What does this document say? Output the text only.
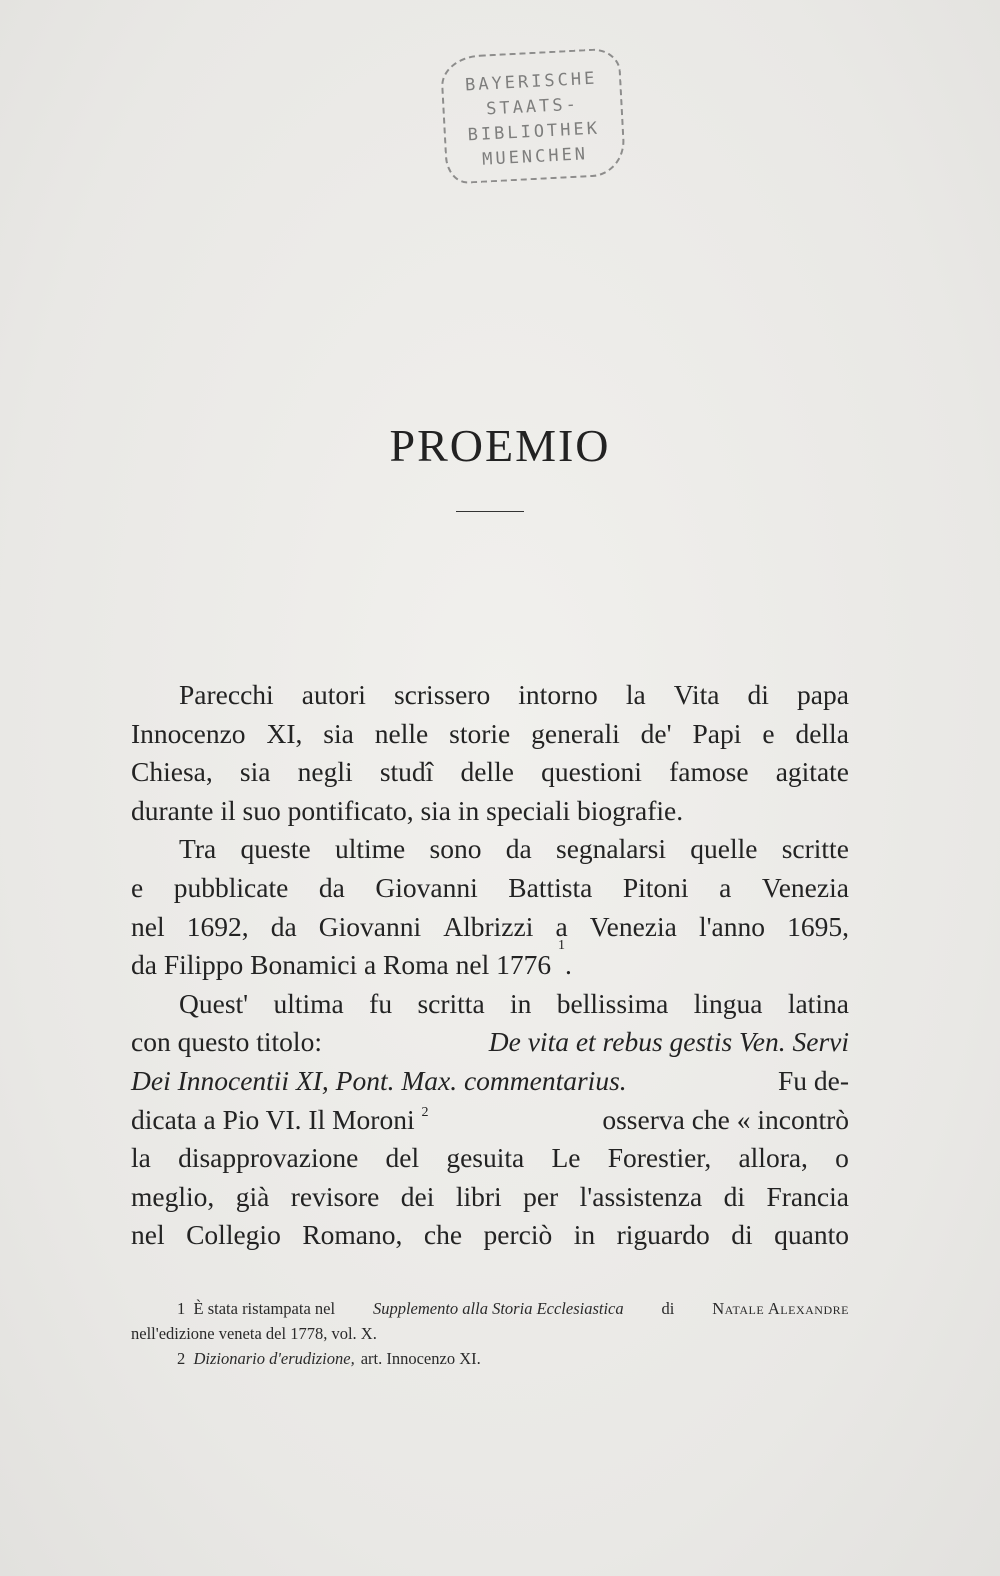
BAYERISCHE
STAATS-
BIBLIOTHEK
MUENCHEN
PROEMIO
Parecchi autori scrissero intorno la Vita di papa
Innocenzo XI, sia nelle storie generali de' Papi e della
Chiesa, sia negli studî delle questioni famose agitate
durante il suo pontificato, sia in speciali biografie.
Tra queste ultime sono da segnalarsi quelle scritte
e pubblicate da Giovanni Battista Pitoni a Venezia
nel 1692, da Giovanni Albrizzi a Venezia l'anno 1695,
da Filippo Bonamici a Roma nel 1776

1
.
Quest' ultima fu scritta in bellissima lingua latina
con questo titolo:	De vita et rebus gestis Ven. Servi
Dei Innocentii XI, Pont. Max. commentarius.	Fu de-
dicata a Pio VI. Il Moroni $^2$	osserva che « incontrò
la disapprovazione del gesuita Le Forestier, allora, o
meglio, già revisore dei libri per l'assistenza di Francia
nel Collegio Romano, che perciò in riguardo di quanto
1 È stata ristampata nel Supplemento alla Storia Ecclesiastica di Natale Alexandre
nell'edizione veneta del 1778, vol. X.
2 Dizionario d'erudizione, art. Innocenzo XI.
